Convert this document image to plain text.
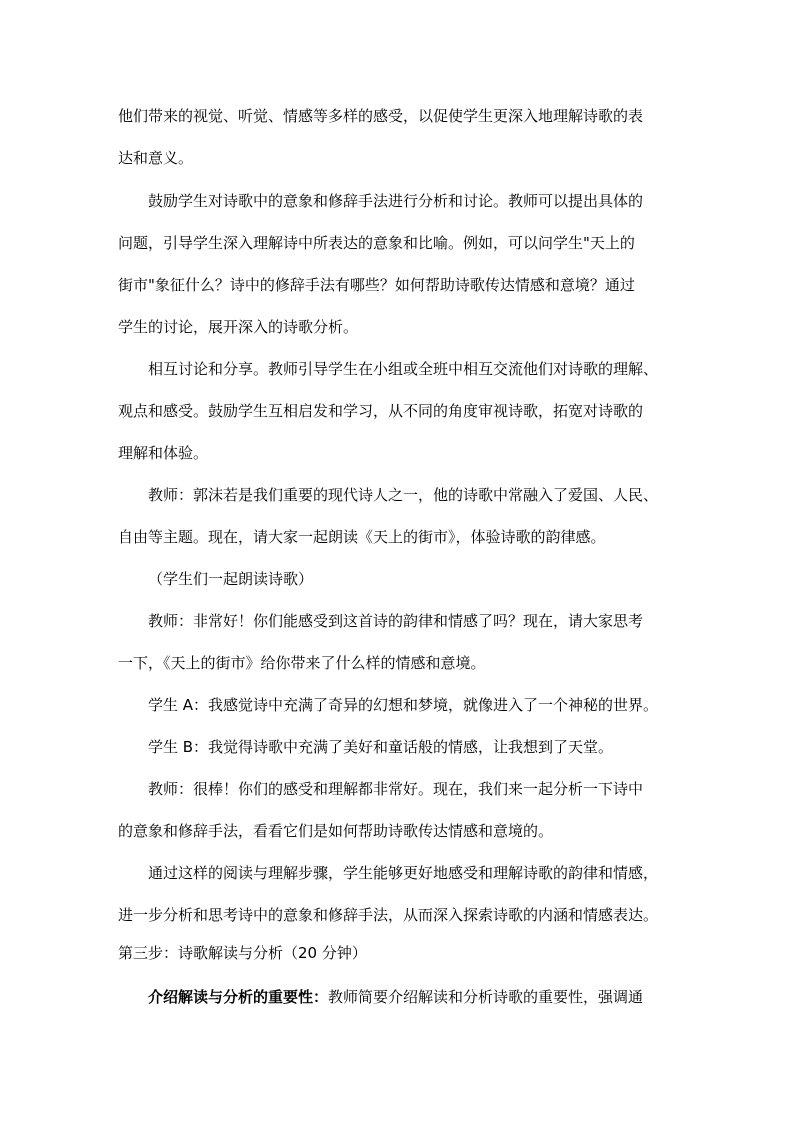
他们带来的视觉、听觉、情感等多样的感受，以促使学生更深入地理解诗歌的表
达和意义。
鼓励学生对诗歌中的意象和修辞手法进行分析和讨论。教师可以提出具体的
问题，引导学生深入理解诗中所表达的意象和比喻。例如，可以问学生"天上的
街市"象征什么？诗中的修辞手法有哪些？如何帮助诗歌传达情感和意境？通过
学生的讨论，展开深入的诗歌分析。
相互讨论和分享。教师引导学生在小组或全班中相互交流他们对诗歌的理解、
观点和感受。鼓励学生互相启发和学习，从不同的角度审视诗歌，拓宽对诗歌的
理解和体验。
教师：郭沫若是我们重要的现代诗人之一，他的诗歌中常融入了爱国、人民、
自由等主题。现在，请大家一起朗读《天上的街市》，体验诗歌的韵律感。
（学生们一起朗读诗歌）
教师：非常好！你们能感受到这首诗的韵律和情感了吗？现在，请大家思考
一下，《天上的街市》给你带来了什么样的情感和意境。
学生 A：我感觉诗中充满了奇异的幻想和梦境，就像进入了一个神秘的世界。
学生 B：我觉得诗歌中充满了美好和童话般的情感，让我想到了天堂。
教师：很棒！你们的感受和理解都非常好。现在，我们来一起分析一下诗中
的意象和修辞手法，看看它们是如何帮助诗歌传达情感和意境的。
通过这样的阅读与理解步骤，学生能够更好地感受和理解诗歌的韵律和情感，
进一步分析和思考诗中的意象和修辞手法，从而深入探索诗歌的内涵和情感表达。
第三步：诗歌解读与分析（20 分钟）
介绍解读与分析的重要性：教师简要介绍解读和分析诗歌的重要性，强调通
